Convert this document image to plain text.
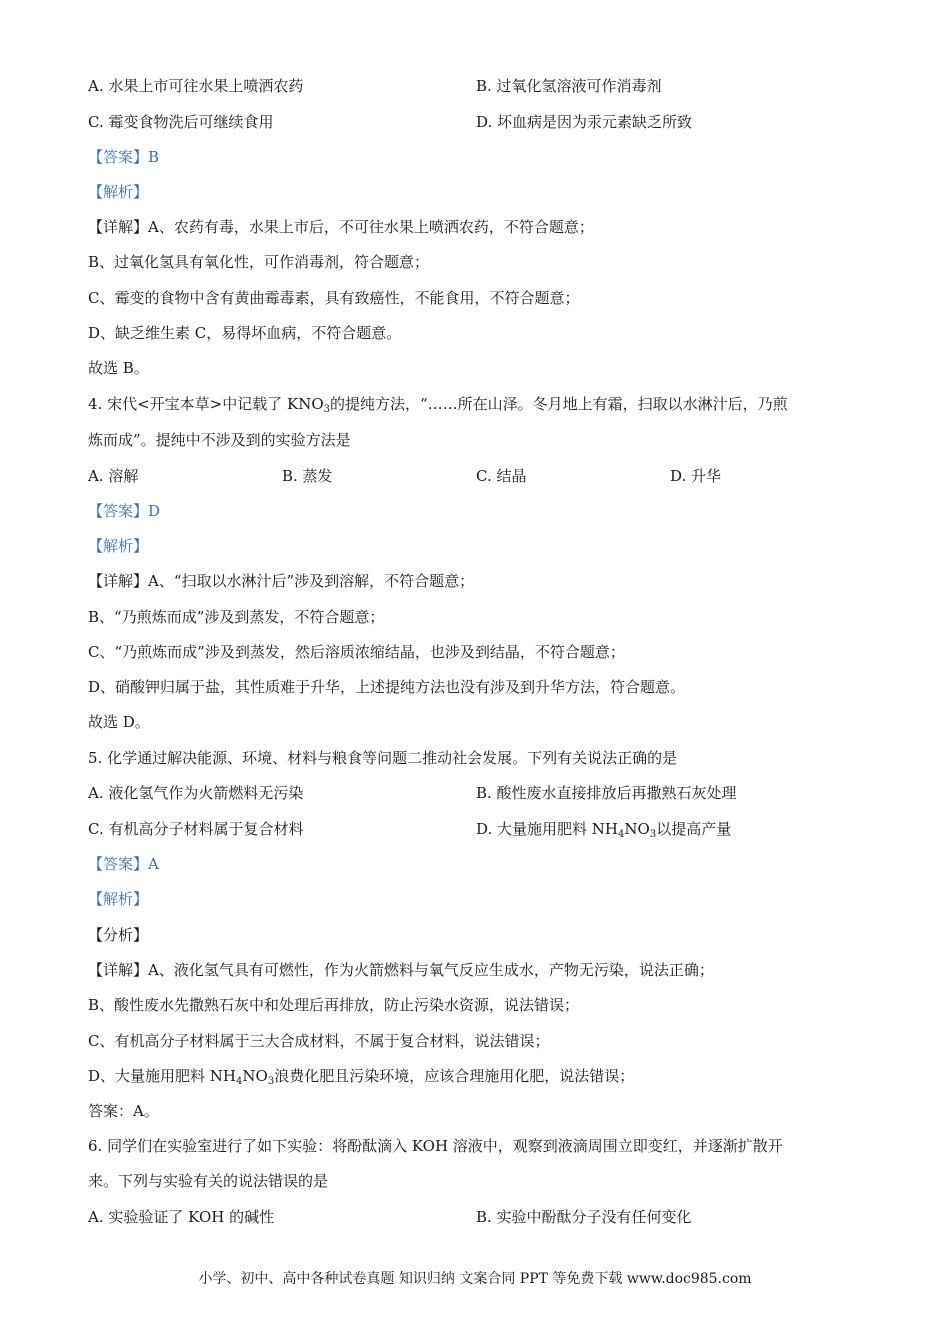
A. 水果上市可往水果上喷洒农药	B. 过氧化氢溶液可作消毒剂
C. 霉变食物洗后可继续食用	D. 坏血病是因为汞元素缺乏所致
【答案】B
【解析】
【详解】A、农药有毒，水果上市后，不可往水果上喷洒农药，不符合题意；
B、过氧化氢具有氧化性，可作消毒剂，符合题意；
C、霉变的食物中含有黄曲霉毒素，具有致癌性，不能食用，不符合题意；
D、缺乏维生素 C，易得坏血病，不符合题意。
故选 B。
4. 宋代<开宝本草>中记载了 $KNO_3$的提纯方法，“……所在山泽。冬月地上有霜，扫取以水淋汁后，乃煎
炼而成”。提纯中不涉及到的实验方法是
A. 溶解	B. 蒸发	C. 结晶	D. 升华
【答案】D
【解析】
【详解】A、“扫取以水淋汁后”涉及到溶解，不符合题意；
B、“乃煎炼而成”涉及到蒸发，不符合题意；
C、“乃煎炼而成”涉及到蒸发，然后溶质浓缩结晶，也涉及到结晶，不符合题意；
D、硝酸钾归属于盐，其性质难于升华，上述提纯方法也没有涉及到升华方法，符合题意。
故选 D。
5. 化学通过解决能源、环境、材料与粮食等问题二推动社会发展。下列有关说法正确的是
A. 液化氢气作为火箭燃料无污染	B. 酸性废水直接排放后再撒熟石灰处理
C. 有机高分子材料属于复合材料	D. 大量施用肥料 $NH_4NO_3$以提高产量
【答案】A
【解析】
【分析】
【详解】A、液化氢气具有可燃性，作为火箭燃料与氧气反应生成水，产物无污染，说法正确；
B、酸性废水先撒熟石灰中和处理后再排放，防止污染水资源，说法错误；
C、有机高分子材料属于三大合成材料，不属于复合材料，说法错误；
D、大量施用肥料 $NH_4NO_3$浪费化肥且污染环境，应该合理施用化肥，说法错误；
答案：A。
6. 同学们在实验室进行了如下实验：将酚酞滴入 KOH 溶液中，观察到液滴周围立即变红，并逐渐扩散开
来。下列与实验有关的说法错误的是
A. 实验验证了 KOH 的碱性	B. 实验中酚酞分子没有任何变化
小学、初中、高中各种试卷真题 知识归纳 文案合同 PPT 等免费下载 www.doc985.com
